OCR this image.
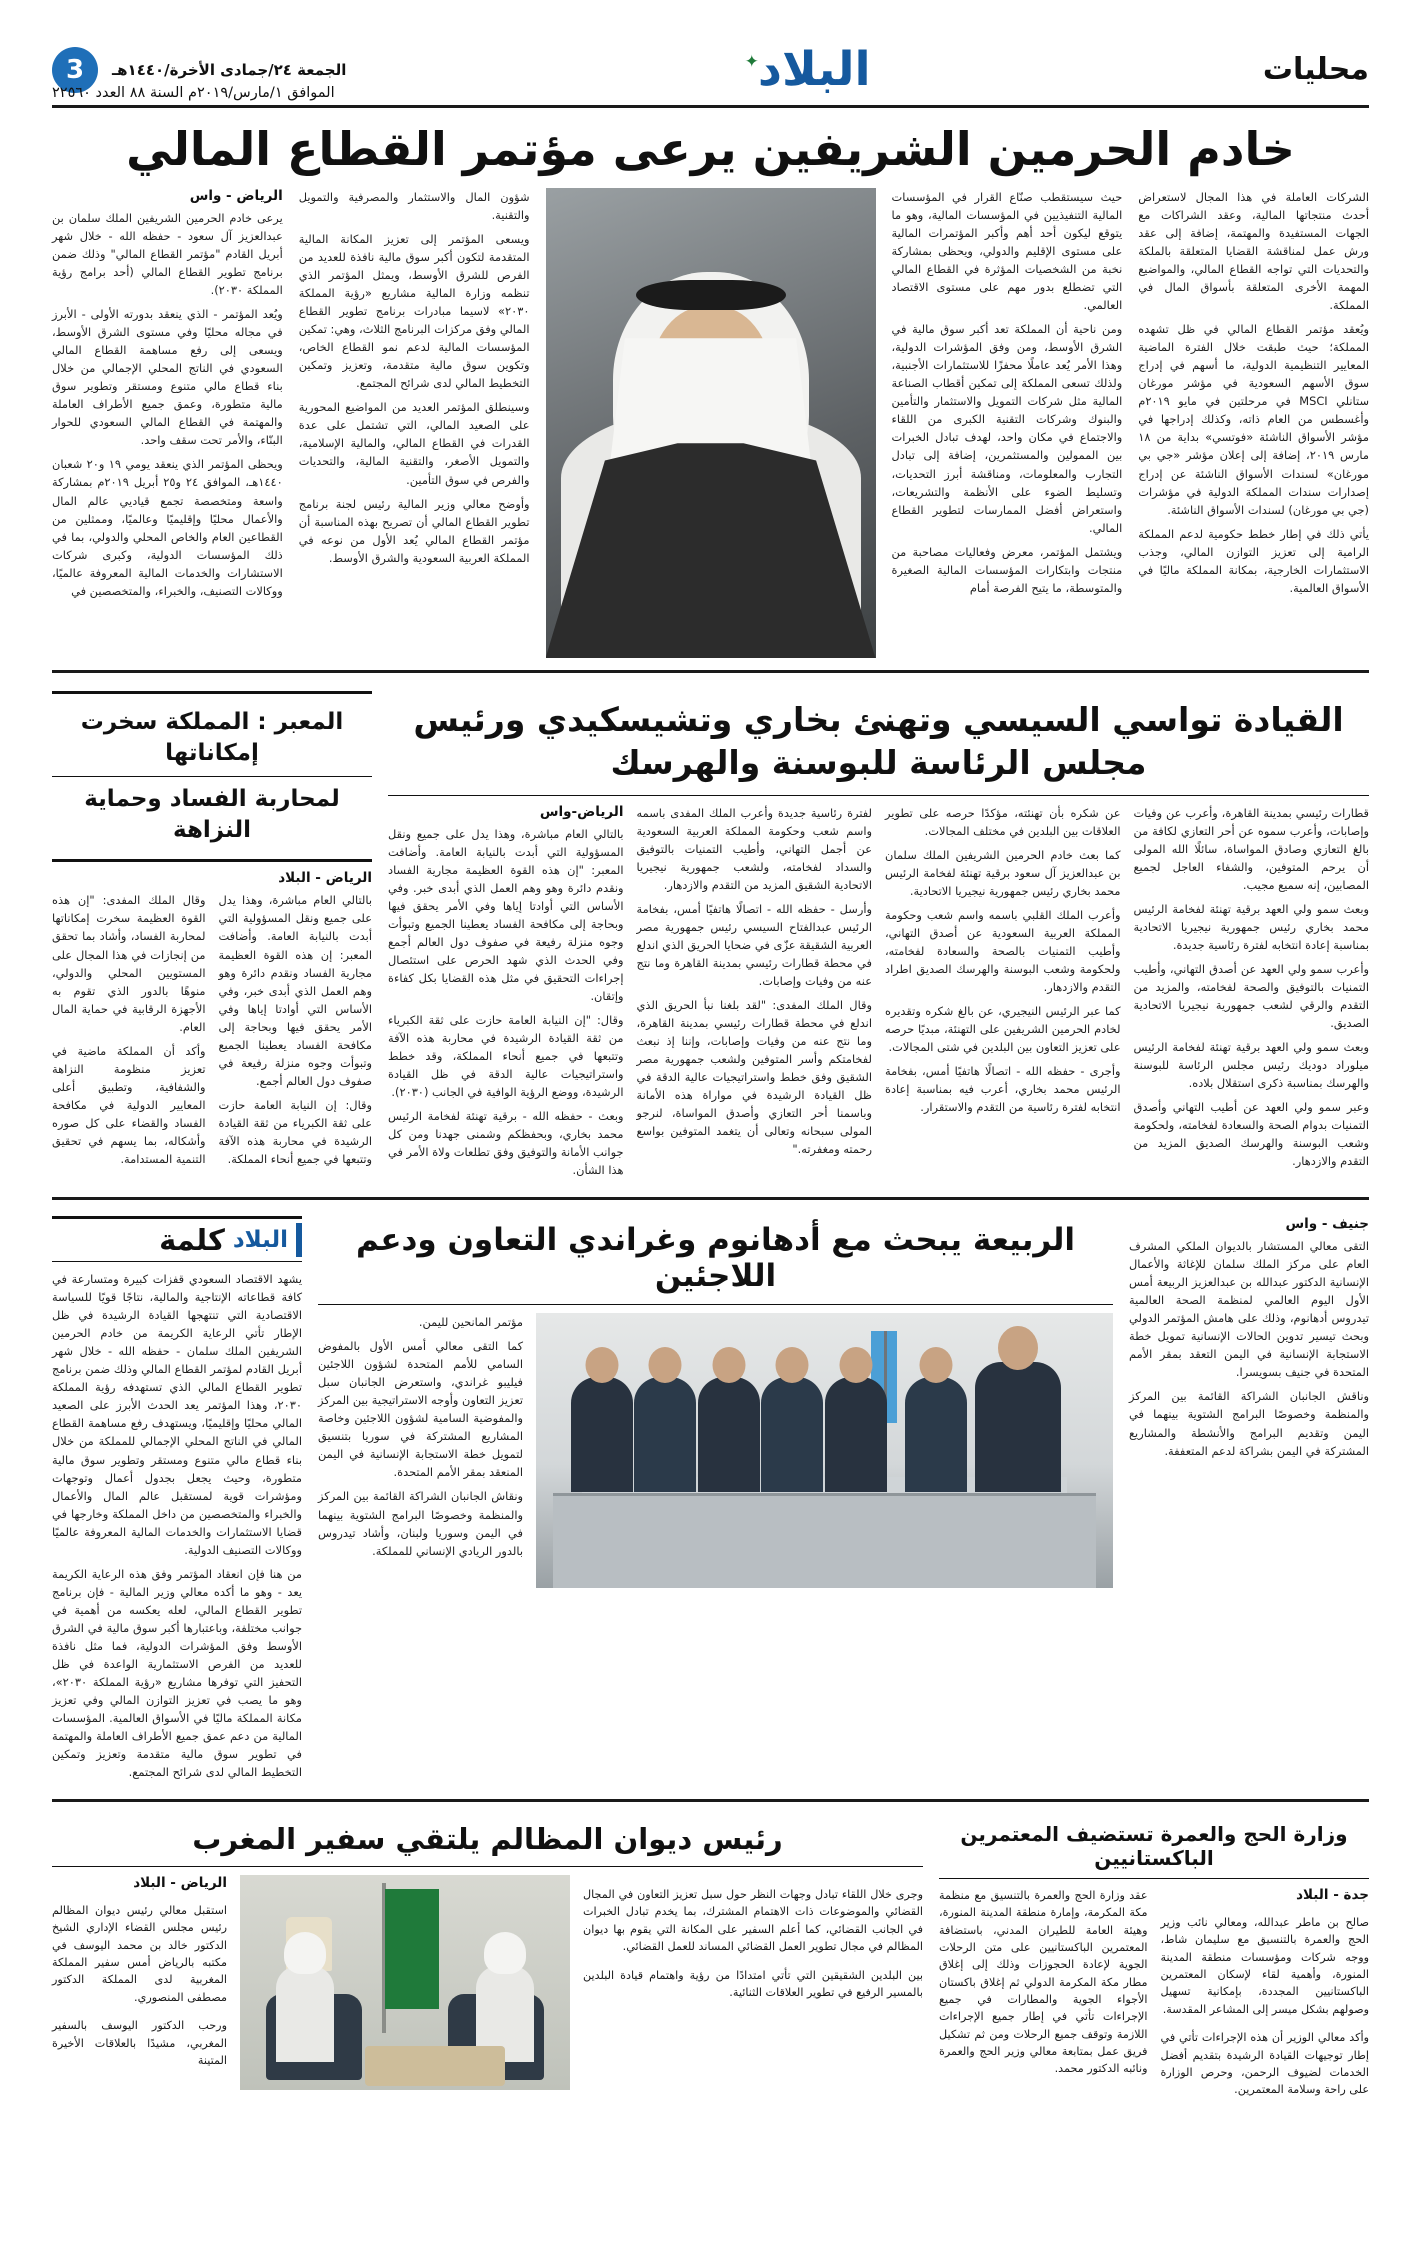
محليات
البلاد ✦
الجمعة ٢٤/جمادى الأخرة/١٤٤٠هـ
3
الموافق ١/مارس/٢٠١٩م السنة ٨٨ العدد ٢٢٥٦٠
خادم الحرمين الشريفين يرعى مؤتمر القطاع المالي

الشركات العاملة في هذا المجال لاستعراض أحدث منتجاتها المالية، وعقد الشراكات مع الجهات المستفيدة والمهتمة، إضافة إلى عقد ورش عمل لمناقشة القضايا المتعلقة بالملكة والتحديات التي تواجه القطاع المالي، والمواضيع المهمة الأخرى المتعلقة بأسواق المال في المملكة.

ويُعقد مؤتمر القطاع المالي في ظل تشهده المملكة؛ حيث طبقت خلال الفترة الماضية المعايير التنظيمية الدولية، ما أسهم في إدراج سوق الأسهم السعودية في مؤشر مورغان ستانلي MSCI في مرحلتين في مايو ٢٠١٩م وأغسطس من العام ذاته، وكذلك إدراجها في مؤشر الأسواق الناشئة «فوتسي» بداية من ١٨ مارس ٢٠١٩، إضافة إلى إعلان مؤشر «جي بي مورغان» لسندات الأسواق الناشئة عن إدراج إصدارات سندات المملكة الدولية في مؤشرات (جي بي مورغان) لسندات الأسواق الناشئة.

يأتي ذلك في إطار خطط حكومية لدعم المملكة الرامية إلى تعزيز التوازن المالي، وجذب الاستثمارات الخارجية، بمكانة المملكة ماليًا في الأسواق العالمية.

حيث سيستقطب صنّاع القرار في المؤسسات المالية التنفيذيين في المؤسسات المالية، وهو ما يتوقع ليكون أحد أهم وأكبر المؤتمرات المالية على مستوى الإقليم والدولي، ويحظى بمشاركة نخبة من الشخصيات المؤثرة في القطاع المالي التي تضطلع بدور مهم على مستوى الاقتصاد العالمي.

ومن ناحية أن المملكة تعد أكبر سوق مالية في الشرق الأوسط، ومن وفق المؤشرات الدولية، وهذا الأمر يُعد عاملًا محفزًا للاستثمارات الأجنبية، ولذلك تسعى المملكة إلى تمكين أقطاب الصناعة المالية مثل شركات التمويل والاستثمار والتأمين والبنوك وشركات التقنية الكبرى من اللقاء والاجتماع في مكان واحد، لهدف تبادل الخبرات بين الممولين والمستثمرين، إضافة إلى تبادل التجارب والمعلومات، ومناقشة أبرز التحديات، وتسليط الضوء على الأنظمة والتشريعات، واستعراض أفضل الممارسات لتطوير القطاع المالي.

ويشتمل المؤتمر، معرض وفعاليات مصاحبة من منتجات وابتكارات المؤسسات المالية الصغيرة والمتوسطة، ما يتيح الفرصة أمام

شؤون المال والاستثمار والمصرفية والتمويل والتقنية.

ويسعى المؤتمر إلى تعزيز المكانة المالية المتقدمة لتكون أكبر سوق مالية نافذة للعديد من الفرص للشرق الأوسط، ويمثل المؤتمر الذي تنظمه وزارة المالية مشاريع «رؤية المملكة ٢٠٣٠» لاسيما مبادرات برنامج تطوير القطاع المالي وفق مركزات البرنامج الثلاث، وهي: تمكين المؤسسات المالية لدعم نمو القطاع الخاص، وتكوين سوق مالية متقدمة، وتعزيز وتمكين التخطيط المالي لدى شرائح المجتمع.

وسينطلق المؤتمر العديد من المواضيع المحورية على الصعيد المالي، التي تشتمل على عدة القدرات في القطاع المالي، والمالية الإسلامية، والتمويل الأصغر، والتقنية المالية، والتحديات والفرص في سوق التأمين.

وأوضح معالي وزير المالية رئيس لجنة برنامج تطوير القطاع المالي أن تصريح بهذه المناسبة أن مؤتمر القطاع المالي يُعد الأول من نوعه في المملكة العربية السعودية والشرق الأوسط.

الرياض - واس

يرعى خادم الحرمين الشريفين الملك سلمان بن عبدالعزيز آل سعود - حفظه الله - خلال شهر أبريل القادم "مؤتمر القطاع المالي" وذلك ضمن برنامج تطوير القطاع المالي (أحد برامج رؤية المملكة ٢٠٣٠).

ويُعد المؤتمر - الذي ينعقد بدورته الأولى - الأبرز في مجاله محليًا وفي مستوى الشرق الأوسط، ويسعى إلى رفع مساهمة القطاع المالي السعودي في الناتج المحلي الإجمالي من خلال بناء قطاع مالي متنوع ومستقر وتطوير سوق مالية متطورة، وعمق جميع الأطراف العاملة والمهتمة في القطاع المالي السعودي للحوار البنّاء، والأمر تحت سقف واحد.

ويحظى المؤتمر الذي ينعقد يومي ١٩ و٢٠ شعبان ١٤٤٠هـ، الموافق ٢٤ و٢٥ أبريل ٢٠١٩م بمشاركة واسعة ومتخصصة تجمع قياديي عالم المال والأعمال محليًا وإقليميًا وعالميًا، وممثلين من القطاعين العام والخاص المحلي والدولي، بما في ذلك المؤسسات الدولية، وكبرى شركات الاستشارات والخدمات المالية المعروفة عالميًا، ووكالات التصنيف، والخبراء، والمتخصصين في

القيادة تواسي السيسي وتهنئ بخاري وتشيسكيدي ورئيس مجلس الرئاسة للبوسنة والهرسك

قطارات رئيسي بمدينة القاهرة، وأعرب عن وفيات وإصابات، وأعرب سموه عن أحر التعازي لكافة من بالغ التعازي وصادق المواساة، سائلًا الله المولى أن يرحم المتوفين، والشفاء العاجل لجميع المصابين، إنه سميع مجيب.

وبعث سمو ولي العهد برقية تهنئة لفخامة الرئيس محمد بخاري رئيس جمهورية نيجيريا الاتحادية بمناسبة إعادة انتخابه لفترة رئاسية جديدة.

وأعرب سمو ولي العهد عن أصدق التهاني، وأطيب التمنيات بالتوفيق والصحة لفخامته، والمزيد من التقدم والرقي لشعب جمهورية نيجيريا الاتحادية الصديق.

وبعث سمو ولي العهد برقية تهنئة لفخامة الرئيس ميلوراد دوديك رئيس مجلس الرئاسة للبوسنة والهرسك بمناسبة ذكرى استقلال بلاده.

وعبر سمو ولي العهد عن أطيب التهاني وأصدق التمنيات بدوام الصحة والسعادة لفخامته، ولحكومة وشعب البوسنة والهرسك الصديق المزيد من التقدم والازدهار.

عن شكره بأن تهنئته، مؤكدًا حرصه على تطوير العلاقات بين البلدين في مختلف المجالات.

كما بعث خادم الحرمين الشريفين الملك سلمان بن عبدالعزيز آل سعود برقية تهنئة لفخامة الرئيس محمد بخاري رئيس جمهورية نيجيريا الاتحادية.

وأعرب الملك القلبي باسمه واسم شعب وحكومة المملكة العربية السعودية عن أصدق التهاني، وأطيب التمنيات بالصحة والسعادة لفخامته، ولحكومة وشعب البوسنة والهرسك الصديق اطراد التقدم والازدهار.

كما عبر الرئيس النيجيري، عن بالغ شكره وتقديره لخادم الحرمين الشريفين على التهنئة، مبديًا حرصه على تعزيز التعاون بين البلدين في شتى المجالات.

وأجرى - حفظه الله - اتصالًا هاتفيًا أمس، بفخامة الرئيس محمد بخاري، أعرب فيه بمناسبة إعادة انتخابه لفترة رئاسية من التقدم والاستقرار.

لفترة رئاسية جديدة وأعرب الملك المفدى باسمه واسم شعب وحكومة المملكة العربية السعودية عن أجمل التهاني، وأطيب التمنيات بالتوفيق والسداد لفخامته، ولشعب جمهورية نيجيريا الاتحادية الشقيق المزيد من التقدم والازدهار.

وأرسل - حفظه الله - اتصالًا هاتفيًا أمس، بفخامة الرئيس عبدالفتاح السيسي رئيس جمهورية مصر العربية الشقيقة عزّى في ضحايا الحريق الذي اندلع في محطة قطارات رئيسي بمدينة القاهرة وما نتج عنه من وفيات وإصابات.

وقال الملك المفدى: "لقد بلغنا نبأ الحريق الذي اندلع في محطة قطارات رئيسي بمدينة القاهرة، وما نتج عنه من وفيات وإصابات، وإننا إذ نبعث لفخامتكم وأسر المتوفين ولشعب جمهورية مصر الشقيق وفق خطط واستراتيجيات عالية الدقة في ظل القيادة الرشيدة في مواراة هذه الأمانة وباسمنا أحر التعازي وأصدق المواساة، لنرجو المولى سبحانه وتعالى أن يتغمد المتوفين بواسع رحمته ومغفرته."

الرياض-واس

بالتالي العام مباشرة، وهذا يدل على جميع ونقل المسؤولية التي أبدت بالنيابة العامة. وأضافت المعبر: "إن هذه القوة العظيمة مجارية الفساد ونقدم دائرة وهو وهم العمل الذي أبدى خبر. وفي الأساس التي أوادتا إياها وفي الأمر يحقق فيها وبحاجة إلى مكافحة الفساد يعطينا الجميع وتبوأت وجوه منزلة رفيعة في صفوف دول العالم أجمع وفي الحدث الذي شهد الحرص على استئصال إجراءات التحقيق في مثل هذه القضايا بكل كفاءة وإتقان.

وقال: "إن النيابة العامة حازت على ثقة الكبرياء من ثقة القيادة الرشيدة في محاربة هذه الآفة وتتبعها في جميع أنحاء المملكة، وقد خطط واستراتيجيات عالية الدقة في ظل القيادة الرشيدة، ووضع الرؤية الوافية في الجانب (٢٠٣٠).

وبعث - حفظه الله - برقية تهنئة لفخامة الرئيس محمد بخاري، وبحفظكم وشمنى جهدنا ومن كل جوانب الأمانة والتوفيق وفق تطلعات ولاة الأمر في هذا الشأن.

المعبر : المملكة سخرت إمكاناتها
لمحاربة الفساد وحماية النزاهة
الرياض - البلاد

بالتالي العام مباشرة، وهذا يدل على جميع ونقل المسؤولية التي أبدت بالنيابة العامة. وأضافت المعبر: إن هذه القوة العظيمة مجارية الفساد ونقدم دائرة وهو وهم العمل الذي أبدى خبر، وفي الأساس التي أوادتا إياها وفي الأمر يحقق فيها وبحاجة إلى مكافحة الفساد يعطينا الجميع وتبوأت وجوه منزلة رفيعة في صفوف دول العالم أجمع.

وقال: إن النيابة العامة حازت على ثقة الكبرياء من ثقة القيادة الرشيدة في محاربة هذه الآفة وتتبعها في جميع أنحاء المملكة.

وقال الملك المفدى: "إن هذه القوة العظيمة سخرت إمكاناتها لمحاربة الفساد، وأشاد بما تحقق من إنجازات في هذا المجال على المستويين المحلي والدولي، منوهًا بالدور الذي تقوم به الأجهزة الرقابية في حماية المال العام.

وأكد أن المملكة ماضية في تعزيز منظومة النزاهة والشفافية، وتطبيق أعلى المعايير الدولية في مكافحة الفساد والقضاء على كل صوره وأشكاله، بما يسهم في تحقيق التنمية المستدامة.

جنيف - واس

التقى معالي المستشار بالديوان الملكي المشرف العام على مركز الملك سلمان للإغاثة والأعمال الإنسانية الدكتور عبدالله بن عبدالعزيز الربيعة أمس الأول اليوم العالمي لمنظمة الصحة العالمية تيدروس أدهانوم، وذلك على هامش المؤتمر الدولي وبحث تيسير تدوين الحالات الإنسانية تمويل خطة الاستجابة الإنسانية في اليمن التعقد بمقر الأمم المتحدة في جنيف بسويسرا.

وناقش الجانبان الشراكة القائمة بين المركز والمنظمة وخصوصًا البرامج الشتوية بينهما في اليمن وتقديم البرامج والأنشطة والمشاريع المشتركة في اليمن بشراكة لدعم المتعففة.

الربيعة يبحث مع أدهانوم وغراندي التعاون ودعم اللاجئين

مؤتمر المانحين لليمن.

كما التقى معالي أمس الأول بالمفوض السامي للأمم المتحدة لشؤون اللاجئين فيليبو غراندي، واستعرض الجانبان سبل تعزيز التعاون وأوجه الاستراتيجية بين المركز والمفوضية السامية لشؤون اللاجئين وخاصة المشاريع المشتركة في سوريا بتنسيق لتمويل خطة الاستجابة الإنسانية في اليمن المنعقد بمقر الأمم المتحدة.

ونقاش الجانبان الشراكة القائمة بين المركز والمنظمة وخصوصًا البرامج الشتوية بينهما في اليمن وسوريا ولبنان، وأشاد تيدروس بالدور الريادي الإنساني للمملكة.

البلاد
كلمة

يشهد الاقتصاد السعودي قفزات كبيرة ومتسارعة في كافة قطاعاته الإنتاجية والمالية، نتاجًا قويًا للسياسة الاقتصادية التي تنتهجها القيادة الرشيدة في ظل الإطار تأتي الرعاية الكريمة من خادم الحرمين الشريفين الملك سلمان - حفظه الله - خلال شهر أبريل القادم لمؤتمر القطاع المالي وذلك ضمن برنامج تطوير القطاع المالي الذي تستهدفه رؤية المملكة ٢٠٣٠، وهذا المؤتمر يعد الحدث الأبرز على الصعيد المالي محليًا وإقليميًا، ويستهدف رفع مساهمة القطاع المالي في الناتج المحلي الإجمالي للمملكة من خلال بناء قطاع مالي متنوع ومستقر وتطوير سوق مالية متطورة، وحيث يجعل بجدول أعمال وتوجهات ومؤشرات قوية لمستقبل عالم المال والأعمال والخبراء والمتخصصين من داخل المملكة وخارجها في قضايا الاستثمارات والخدمات المالية المعروفة عالميًا ووكالات التصنيف الدولية.

من هنا فإن انعقاد المؤتمر وفق هذه الرعاية الكريمة يعد - وهو ما أكده معالي وزير المالية - فإن برنامج تطوير القطاع المالي، لعله يعكسه من أهمية في جوانب مختلفة، وباعتبارها أكبر سوق مالية في الشرق الأوسط وفق المؤشرات الدولية، فما مثل نافذة للعديد من الفرص الاستثمارية الواعدة في ظل التحفيز التي توفرها مشاريع «رؤية المملكة ٢٠٣٠»، وهو ما يصب في تعزيز التوازن المالي وفي تعزيز مكانة المملكة ماليًا في الأسواق العالمية. المؤسسات المالية من دعم عمق جميع الأطراف العاملة والمهتمة في تطوير سوق مالية متقدمة وتعزيز وتمكين التخطيط المالي لدى شرائح المجتمع.

وزارة الحج والعمرة تستضيف المعتمرين الباكستانيين
جدة - البلاد

صالح بن ماطر عبدالله، ومعالي نائب وزير الحج والعمرة بالتنسيق مع سليمان شاط، ووجه شركات ومؤسسات منطقة المدينة المنورة، وأهمية لقاء لإسكان المعتمرين الباكستانيين المجددة، بإمكانية تسهيل وصولهم بشكل ميسر إلى المشاعر المقدسة.

وأكد معالي الوزير أن هذه الإجراءات تأتي في إطار توجيهات القيادة الرشيدة بتقديم أفضل الخدمات لضيوف الرحمن، وحرص الوزارة على راحة وسلامة المعتمرين.

عقد وزارة الحج والعمرة بالتنسيق مع منظمة مكة المكرمة، وإمارة منطقة المدينة المنورة، وهيئة العامة للطيران المدني، باستضافة المعتمرين الباكستانيين على متن الرحلات الجوية لإعادة الحجوزات وذلك إلى إغلاق مطار مكة المكرمة الدولي ثم إغلاق باكستان الأجواء الجوية والمطارات في جميع الإجراءات تأتي في إطار جميع الإجراءات اللازمة وتوقف جميع الرحلات ومن ثم تشكيل فريق عمل بمتابعة معالي وزير الحج والعمرة ونائبه الدكتور محمد.
رئيس ديوان المظالم يلتقي سفير المغرب

وجرى خلال اللقاء تبادل وجهات النظر حول سبل تعزيز التعاون في المجال القضائي والموضوعات ذات الاهتمام المشترك، بما يخدم تبادل الخبرات في الجانب القضائي، كما أعلم السفير على المكانة التي يقوم بها ديوان المظالم في مجال تطوير العمل القضائي المساند للعمل القضائي.

بين البلدين الشقيقين التي تأتي امتدادًا من رؤية واهتمام قيادة البلدين بالمسير الرفيع في تطوير العلاقات الثنائية.

الرياض - البلاد

استقبل معالي رئيس ديوان المظالم رئيس مجلس القضاء الإداري الشيخ الدكتور خالد بن محمد اليوسف في مكتبه بالرياض أمس سفير المملكة المغربية لدى المملكة الدكتور مصطفى المنصوري.

ورحب الدكتور اليوسف بالسفير المغربي، مشيدًا بالعلاقات الأخيرة المتينة
